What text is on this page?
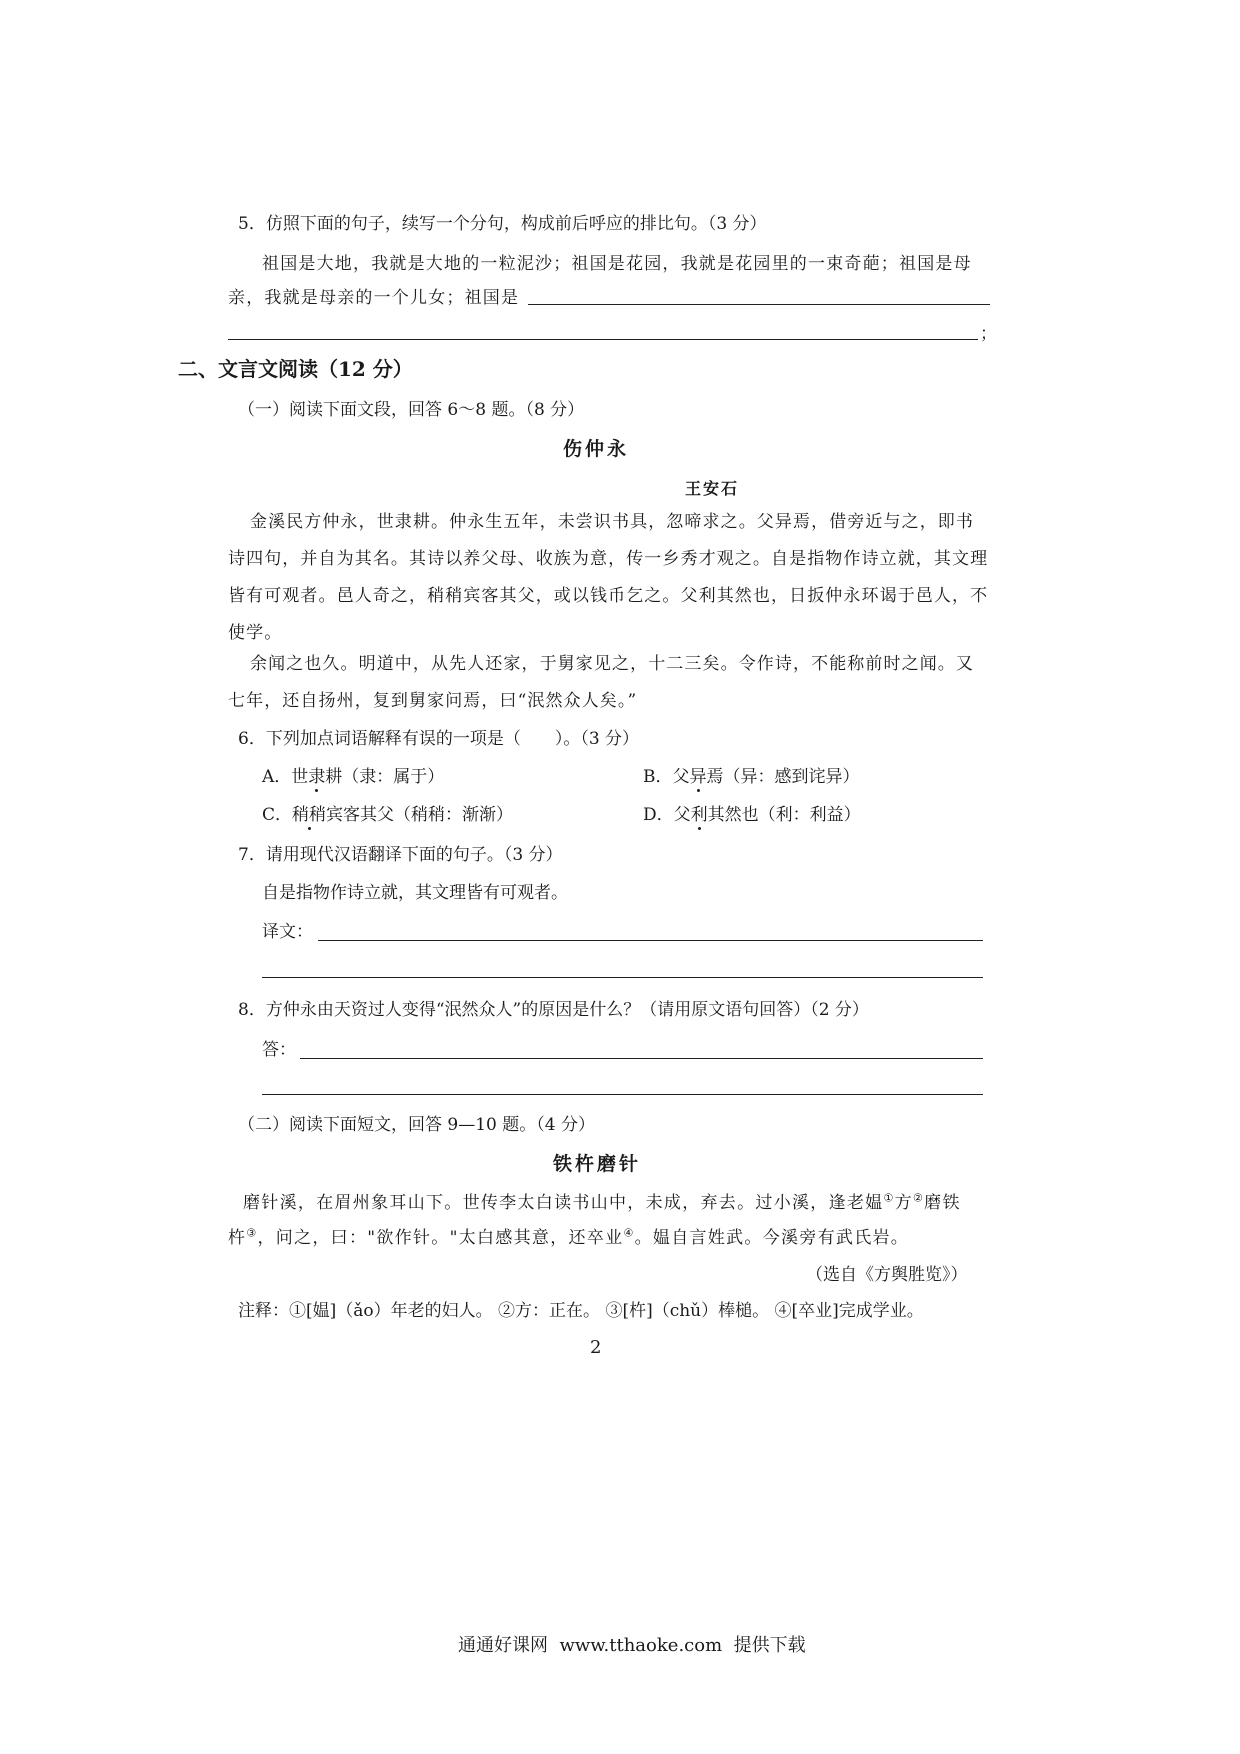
5．仿照下面的句子，续写一个分句，构成前后呼应的排比句。（3 分）
祖国是大地，我就是大地的一粒泥沙；祖国是花园，我就是花园里的一束奇葩；祖国是母
亲，我就是母亲的一个儿女；祖国是
；
二、文言文阅读（12 分）
（一）阅读下面文段，回答 6～8 题。（8 分）
伤仲永
王安石
金溪民方仲永，世隶耕。仲永生五年，未尝识书具，忽啼求之。父异焉，借旁近与之，即书诗四句，并自为其名。其诗以养父母、收族为意，传一乡秀才观之。自是指物作诗立就，其文理皆有可观者。邑人奇之，稍稍宾客其父，或以钱币乞之。父利其然也，日扳仲永环谒于邑人，不使学。
余闻之也久。明道中，从先人还家，于舅家见之，十二三矣。令作诗，不能称前时之闻。又七年，还自扬州，复到舅家问焉，曰“泯然众人矣。”
6．下列加点词语解释有误的一项是（　　）。（3 分）
A．世隶耕（隶：属于）	B．父异焉（异：感到诧异）
C．稍稍宾客其父（稍稍：渐渐）	D．父利其然也（利：利益）
7．请用现代汉语翻译下面的句子。（3 分）
自是指物作诗立就，其文理皆有可观者。
译文：
8．方仲永由天资过人变得“泯然众人”的原因是什么？（请用原文语句回答）（2 分）
答：
（二）阅读下面短文，回答 9—10 题。（4 分）
铁杵磨针
磨针溪，在眉州象耳山下。世传李太白读书山中，未成，弃去。过小溪，逢老媪①方②磨铁
杵③，问之，曰："欲作针。"太白感其意，还卒业④。媪自言姓武。今溪旁有武氏岩。
（选自《方舆胜览》）
注释：①[媪]（ǎo）年老的妇人。 ②方：正在。 ③[杵]（chǔ）棒槌。 ④[卒业]完成学业。
2
通通好课网  www.tthaoke.com  提供下载
